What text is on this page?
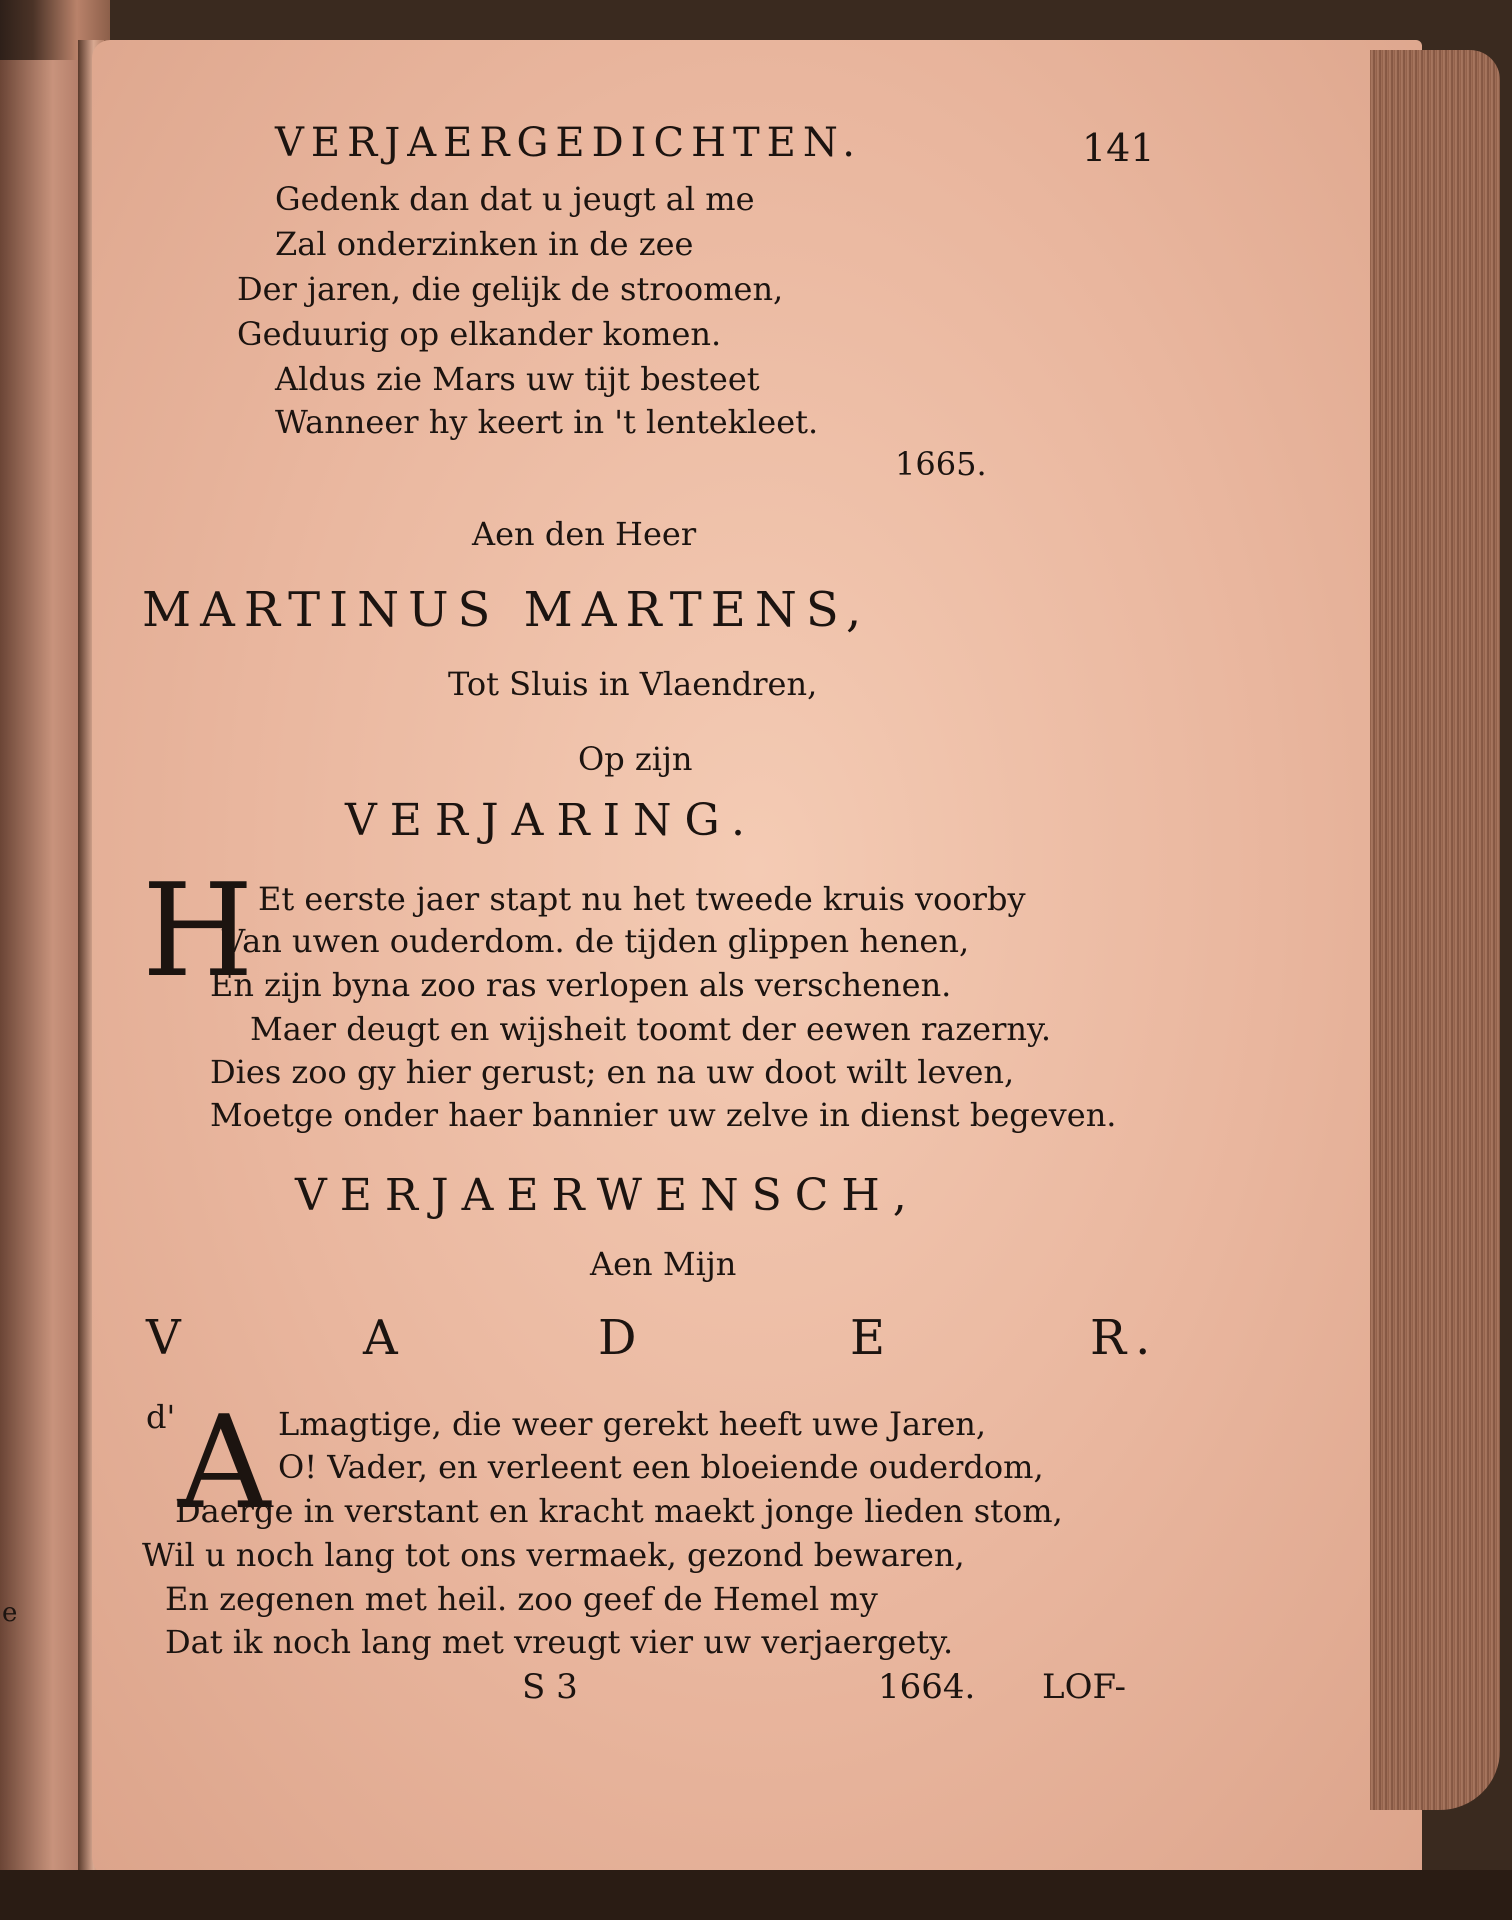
e
VERJAERGEDICHTEN.	141
Gedenk dan dat u jeugt al me
Zal onderzinken in de zee
Der jaren, die gelijk de stroomen,
Geduurig op elkander komen.
Aldus zie Mars uw tijt besteet
Wanneer hy keert in 't lentekleet.
1665.
Aen den Heer
MARTINUS MARTENS,
Tot Sluis in Vlaendren,
Op zijn
VERJARING.
H Et eerste jaer stapt nu het tweede kruis voorby
Van uwen ouderdom. de tijden glippen henen,
En zijn byna zoo ras verlopen als verschenen.
Maer deugt en wijsheit toomt der eewen razerny.
Dies zoo gy hier gerust; en na uw doot wilt leven,
Moetge onder haer bannier uw zelve in dienst begeven.
VERJAERWENSCH,
Aen Mijn
V	A	D	E	R.
d' A Lmagtige, die weer gerekt heeft uwe Jaren,
O! Vader, en verleent een bloeiende ouderdom,
Daerge in verstant en kracht maekt jonge lieden stom,
Wil u noch lang tot ons vermaek, gezond bewaren,
En zegenen met heil. zoo geef de Hemel my
Dat ik noch lang met vreugt vier uw verjaergety.
S 3	1664. LOF-
